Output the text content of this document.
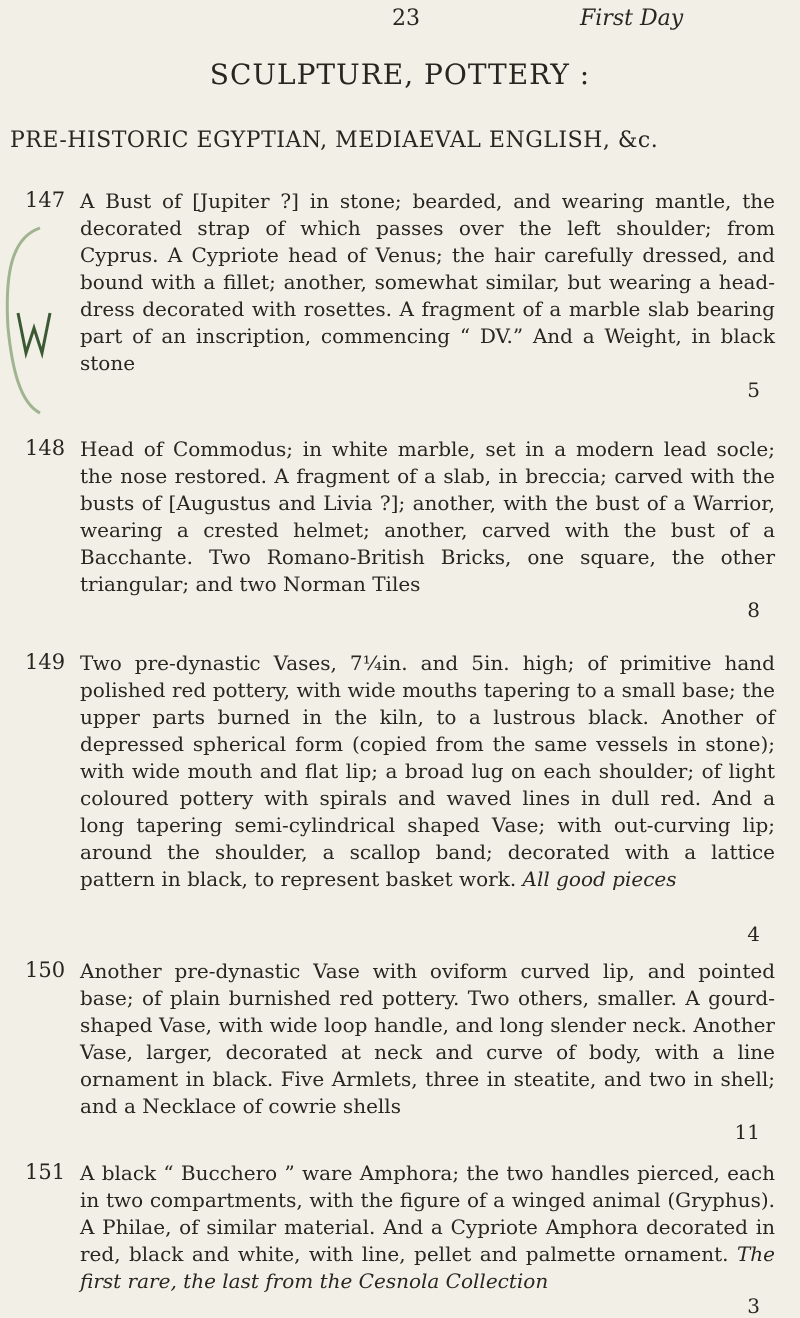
23	First Day
SCULPTURE, POTTERY :
PRE-HISTORIC EGYPTIAN, MEDIAEVAL ENGLISH, &c.
147 A Bust of [Jupiter ?] in stone; bearded, and wearing mantle, the decorated strap of which passes over the left shoulder; from Cyprus. A Cypriote head of Venus; the hair carefully dressed, and bound with a fillet; another, somewhat similar, but wearing a head-dress decorated with rosettes. A fragment of a marble slab bearing part of an inscription, commencing “ DV.” And a Weight, in black stone
5
148 Head of Commodus; in white marble, set in a modern lead socle; the nose restored. A fragment of a slab, in breccia; carved with the busts of [Augustus and Livia ?]; another, with the bust of a Warrior, wearing a crested helmet; another, carved with the bust of a Bacchante. Two Romano-British Bricks, one square, the other triangular; and two Norman Tiles
8
149 Two pre-dynastic Vases, 7¼in. and 5in. high; of primitive hand polished red pottery, with wide mouths tapering to a small base; the upper parts burned in the kiln, to a lustrous black. Another of depressed spherical form (copied from the same vessels in stone); with wide mouth and flat lip; a broad lug on each shoulder; of light coloured pottery with spirals and waved lines in dull red. And a long tapering semi-cylindrical shaped Vase; with out-curving lip; around the shoulder, a scallop band; decorated with a lattice pattern in black, to represent basket work. All good pieces
4
150 Another pre-dynastic Vase with oviform curved lip, and pointed base; of plain burnished red pottery. Two others, smaller. A gourd-shaped Vase, with wide loop handle, and long slender neck. Another Vase, larger, decorated at neck and curve of body, with a line ornament in black. Five Armlets, three in steatite, and two in shell; and a Necklace of cowrie shells
11
151 A black “ Bucchero ” ware Amphora; the two handles pierced, each in two compartments, with the figure of a winged animal (Gryphus). A Philae, of similar material. And a Cypriote Amphora decorated in red, black and white, with line, pellet and palmette ornament. The first rare, the last from the Cesnola Collection
3
